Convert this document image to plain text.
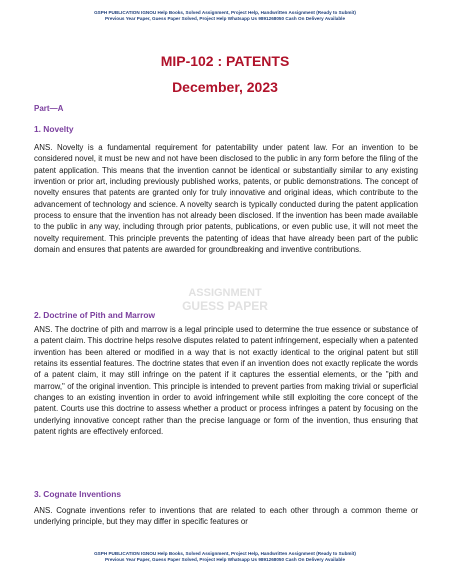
GSPH PUBLICATION IGNOU Help Books, Solved Assignment, Project Help, Handwritten Assignment (Ready to Submit)
Previous Year Paper, Guess Paper Solved, Project Help Whatsapp Us 9891268050 Cash On Delivery Available
MIP-102 : PATENTS
December, 2023
Part—A
1. Novelty

ANS. Novelty is a fundamental requirement for patentability under patent law. For an invention to be considered novel, it must be new and not have been disclosed to the public in any form before the filing of the patent application. This means that the invention cannot be identical or substantially similar to any existing invention or prior art, including previously published works, patents, or public demonstrations. The concept of novelty ensures that patents are granted only for truly innovative and original ideas, which contribute to the advancement of technology and science. A novelty search is typically conducted during the patent application process to ensure that the invention has not already been disclosed. If the invention has been made available to the public in any way, including through prior patents, publications, or even public use, it will not meet the novelty requirement. This principle prevents the patenting of ideas that have already been part of the public domain and ensures that patents are awarded for groundbreaking and inventive contributions.

ASSIGNMENT
GUESS PAPER
2. Doctrine of Pith and Marrow

ANS. The doctrine of pith and marrow is a legal principle used to determine the true essence or substance of a patent claim. This doctrine helps resolve disputes related to patent infringement, especially when a patented invention has been altered or modified in a way that is not exactly identical to the original patent but still retains its essential features. The doctrine states that even if an invention does not exactly replicate the words of a patent claim, it may still infringe on the patent if it captures the essential elements, or the "pith and marrow," of the original invention. This principle is intended to prevent parties from making trivial or superficial changes to an existing invention in order to avoid infringement while still exploiting the core concept of the patent. Courts use this doctrine to assess whether a product or process infringes a patent by focusing on the underlying innovative concept rather than the precise language or form of the invention, thus ensuring that patent rights are effectively enforced.

3. Cognate Inventions

ANS. Cognate inventions refer to inventions that are related to each other through a common theme or underlying principle, but they may differ in specific features or

GSPH PUBLICATION IGNOU Help Books, Solved Assignment, Project Help, Handwritten Assignment (Ready to Submit)
Previous Year Paper, Guess Paper Solved, Project Help Whatsapp Us 9891268050 Cash On Delivery Available
